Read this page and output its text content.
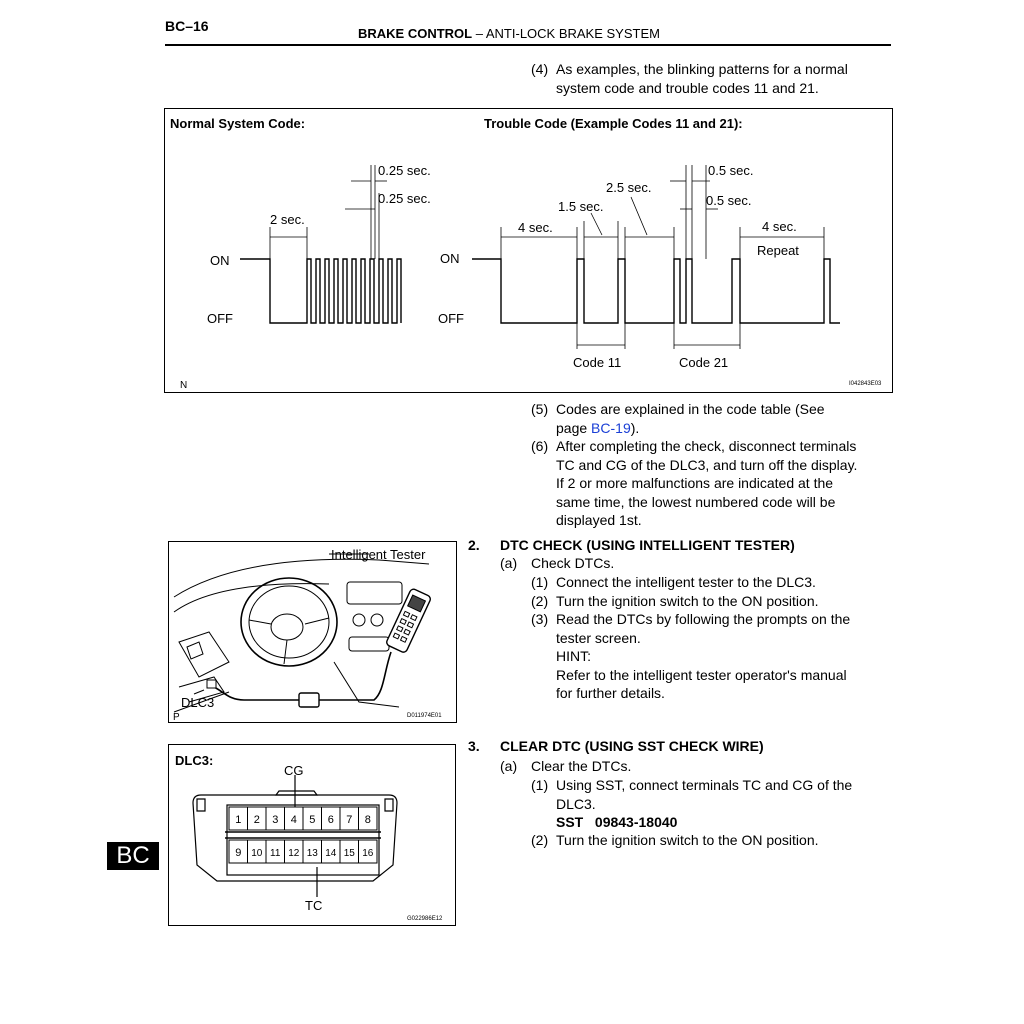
BC–16	BRAKE CONTROL – ANTI-LOCK BRAKE SYSTEM
(4) As examples, the blinking patterns for a normal
system code and trouble codes 11 and 21.
Normal System Code:	Trouble Code (Example Codes 11 and 21):
ON
OFF
2 sec.
0.25 sec.
0.25 sec.
ON
OFF
4 sec.
1.5 sec.
2.5 sec.
0.5 sec.
0.5 sec.
4 sec.
Repeat
Code 11	Code 21
N	I042843E03
(5) Codes are explained in the code table (See
page BC-19).
(6) After completing the check, disconnect terminals
TC and CG of the DLC3, and turn off the display.
If 2 or more malfunctions are indicated at the
same time, the lowest numbered code will be
displayed 1st.
Intelligent Tester
DLC3
P	D011974E01
2. DTC CHECK (USING INTELLIGENT TESTER)
(a) Check DTCs.
(1) Connect the intelligent tester to the DLC3.
(2) Turn the ignition switch to the ON position.
(3) Read the DTCs by following the prompts on the
tester screen.
HINT:
Refer to the intelligent tester operator's manual
for further details.
1 2 3 4 5 6 7 8
9 10 11 12 13 14 15 16
DLC3:
CG
TC
G022986E12
3. CLEAR DTC (USING SST CHECK WIRE)
(a) Clear the DTCs.
(1) Using SST, connect terminals TC and CG of the
DLC3.
SST 09843-18040
(2) Turn the ignition switch to the ON position.
BC
